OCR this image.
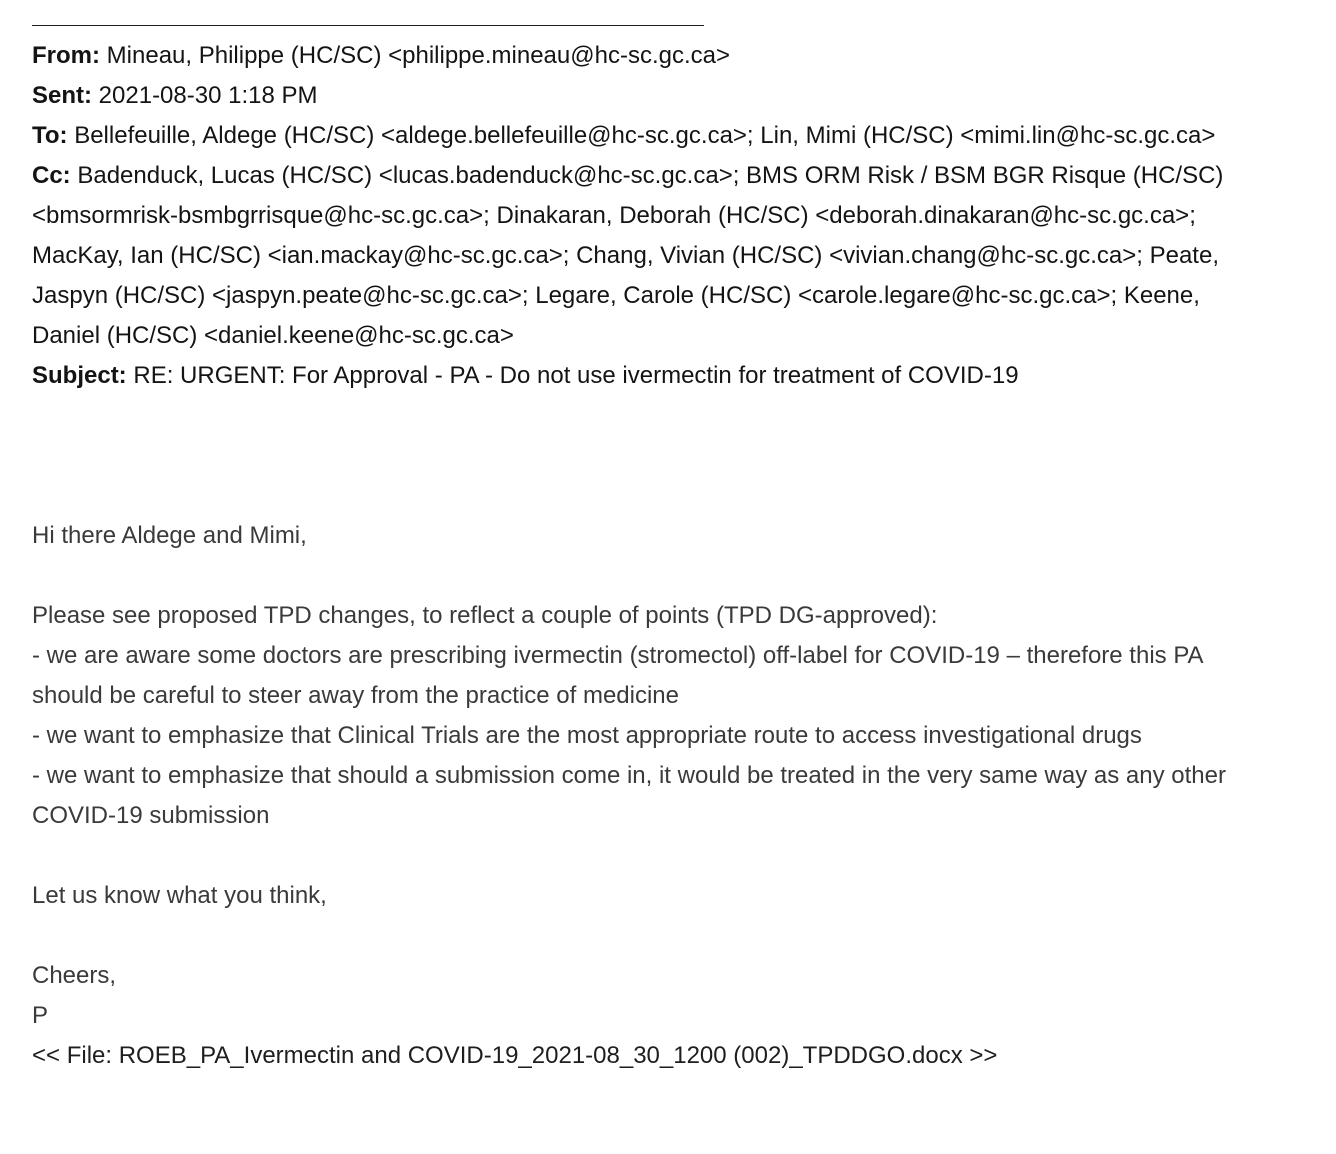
From: Mineau, Philippe (HC/SC) <philippe.mineau@hc-sc.gc.ca>
Sent: 2021-08-30 1:18 PM
To: Bellefeuille, Aldege (HC/SC) <aldege.bellefeuille@hc-sc.gc.ca>; Lin, Mimi (HC/SC) <mimi.lin@hc-sc.gc.ca>
Cc: Badenduck, Lucas (HC/SC) <lucas.badenduck@hc-sc.gc.ca>; BMS ORM Risk / BSM BGR Risque (HC/SC) <bmsormrisk-bsmbgrrisque@hc-sc.gc.ca>; Dinakaran, Deborah (HC/SC) <deborah.dinakaran@hc-sc.gc.ca>; MacKay, Ian (HC/SC) <ian.mackay@hc-sc.gc.ca>; Chang, Vivian (HC/SC) <vivian.chang@hc-sc.gc.ca>; Peate, Jaspyn (HC/SC) <jaspyn.peate@hc-sc.gc.ca>; Legare, Carole (HC/SC) <carole.legare@hc-sc.gc.ca>; Keene, Daniel (HC/SC) <daniel.keene@hc-sc.gc.ca>
Subject: RE: URGENT: For Approval - PA - Do not use ivermectin for treatment of COVID-19
Hi there Aldege and Mimi,
Please see proposed TPD changes, to reflect a couple of points (TPD DG-approved):
- we are aware some doctors are prescribing ivermectin (stromectol) off-label for COVID-19 – therefore this PA should be careful to steer away from the practice of medicine
- we want to emphasize that Clinical Trials are the most appropriate route to access investigational drugs
- we want to emphasize that should a submission come in, it would be treated in the very same way as any other COVID-19 submission
Let us know what you think,
Cheers,
P
<< File: ROEB_PA_Ivermectin and COVID-19_2021-08_30_1200 (002)_TPDDGO.docx >>
